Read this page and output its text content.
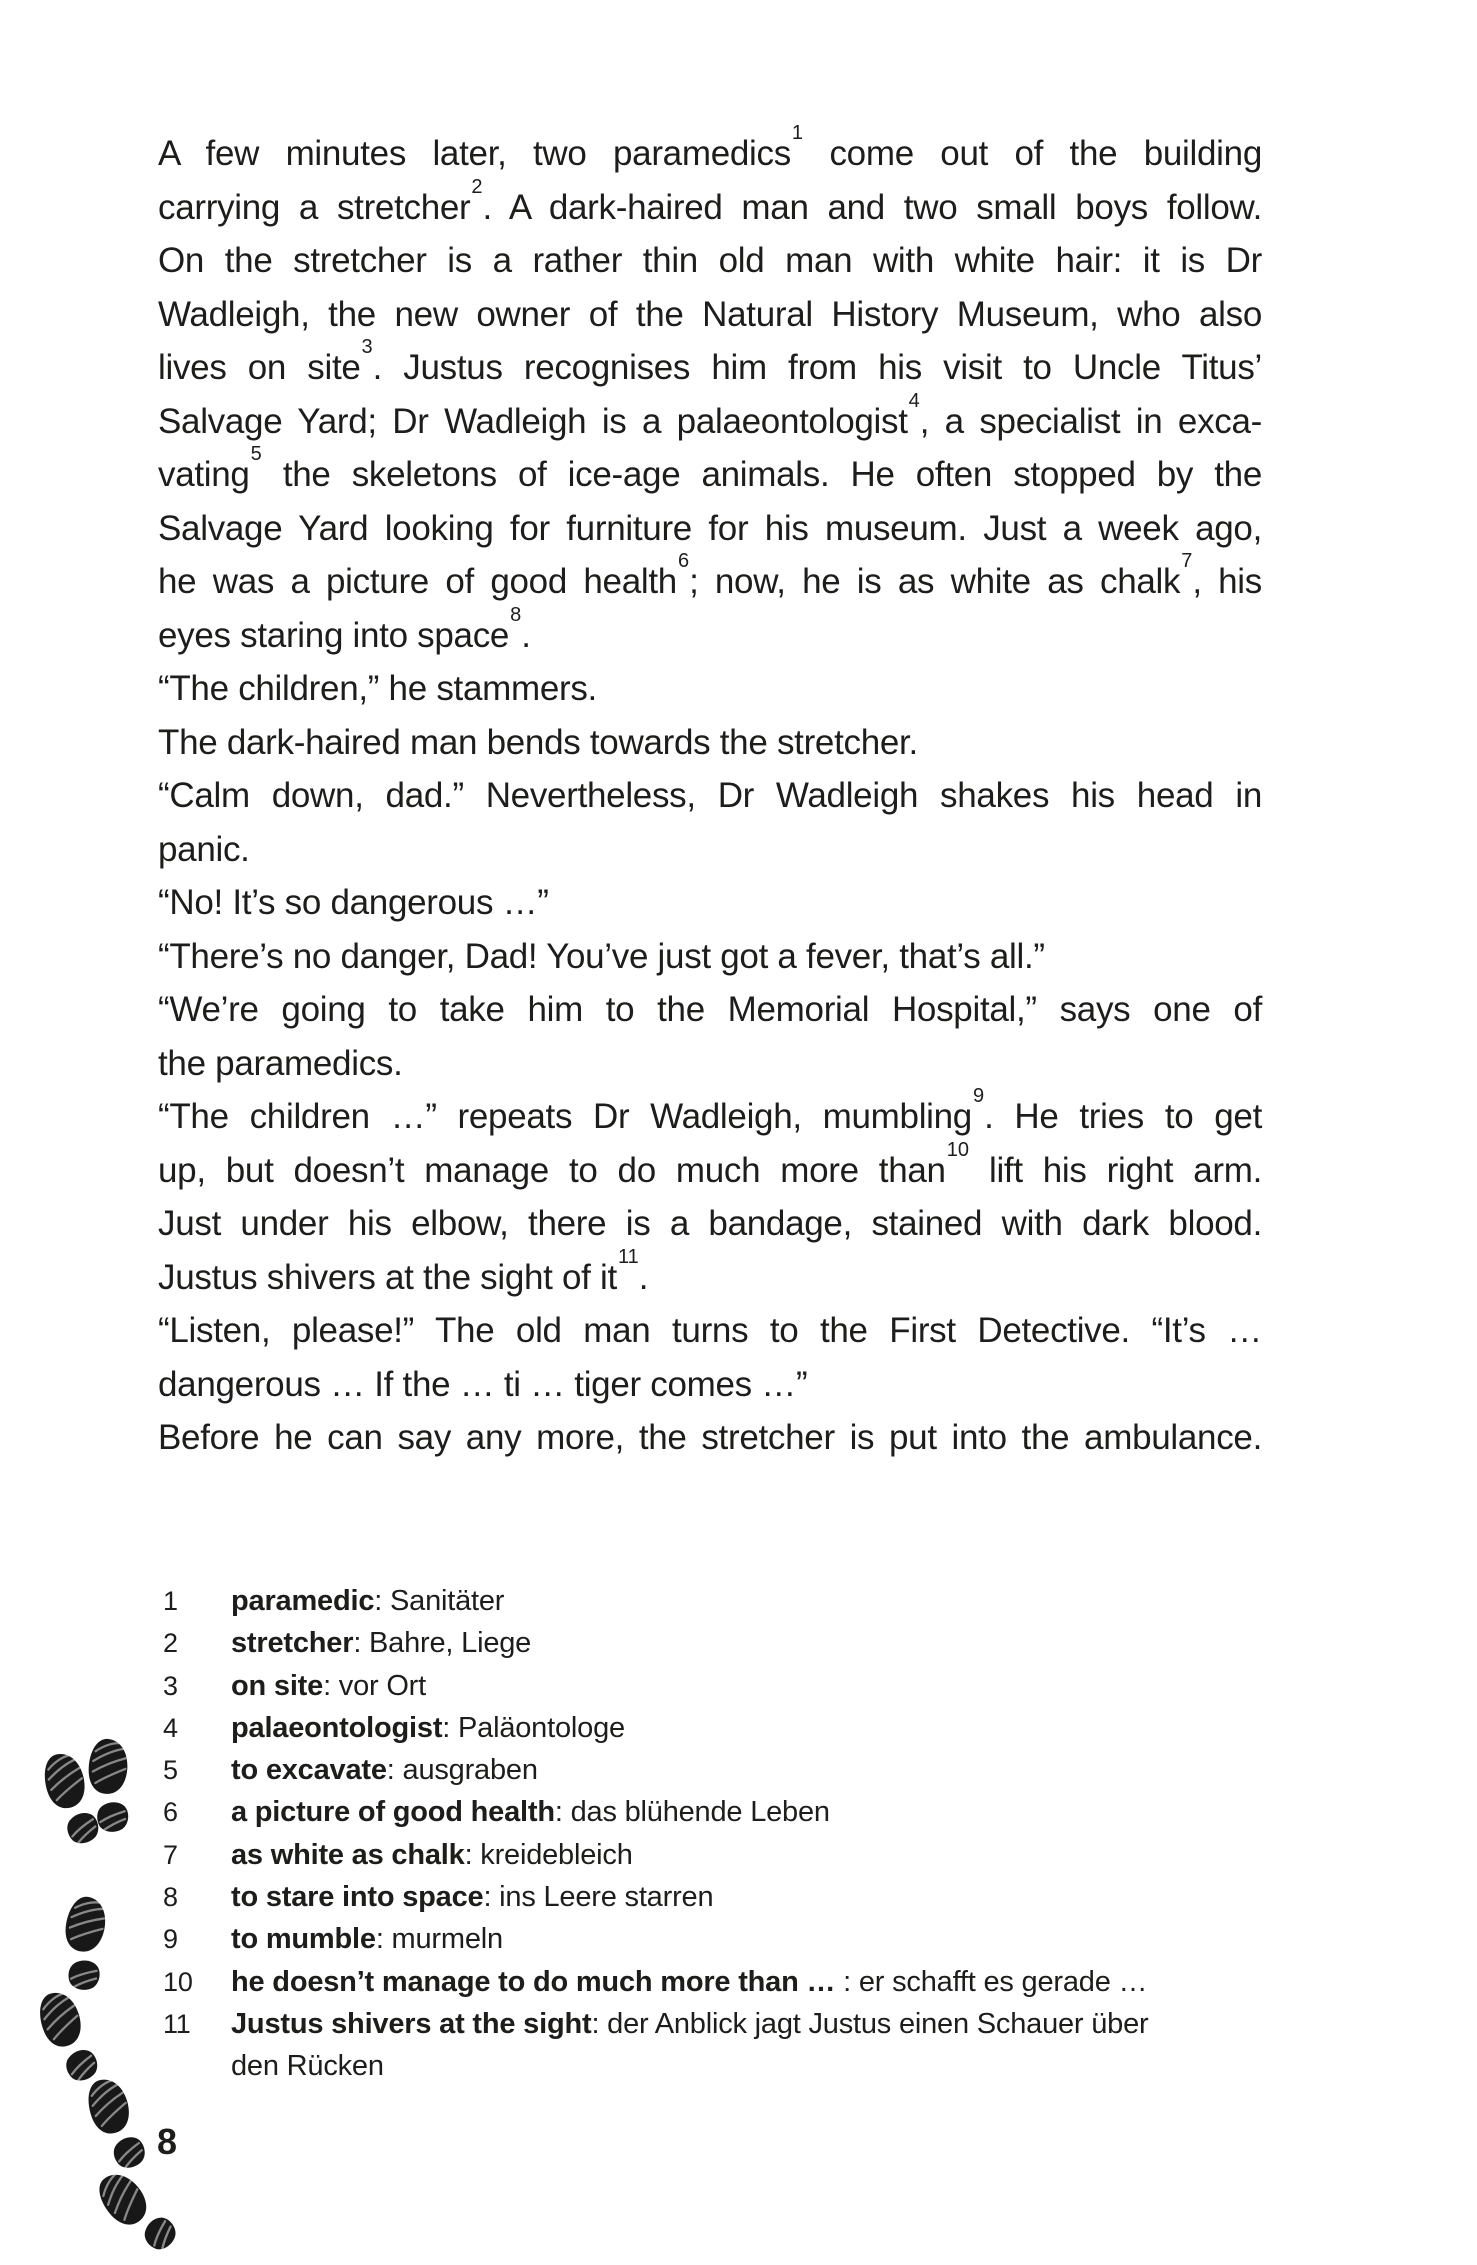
A few minutes later, two paramedics$^1$ come out of the building
carrying a stretcher$^2$. A dark-haired man and two small boys follow.
On the stretcher is a rather thin old man with white hair: it is Dr
Wadleigh, the new owner of the Natural History Museum, who also
lives on site$^3$. Justus recognises him from his visit to Uncle Titus’
Salvage Yard; Dr Wadleigh is a palaeontologist$^4$, a specialist in exca-
vating$^5$ the skeletons of ice-age animals. He often stopped by the
Salvage Yard looking for furniture for his museum. Just a week ago,
he was a picture of good health$^6$; now, he is as white as chalk$^7$, his
eyes staring into space$^8$.
“The children,” he stammers.
The dark-haired man bends towards the stretcher.
“Calm down, dad.” Nevertheless, Dr Wadleigh shakes his head in
panic.
“No! It’s so dangerous …”
“There’s no danger, Dad! You’ve just got a fever, that’s all.”
“We’re going to take him to the Memorial Hospital,” says one of
the paramedics.
“The children …” repeats Dr Wadleigh, mumbling$^9$. He tries to get
up, but doesn’t manage to do much more than$^{10}$ lift his right arm.
Just under his elbow, there is a bandage, stained with dark blood.
Justus shivers at the sight of it$^{11}$.
“Listen, please!” The old man turns to the First Detective. “It’s …
dangerous … If the … ti … tiger comes …”
Before he can say any more, the stretcher is put into the ambulance.
1 paramedic: Sanitäter
2 stretcher: Bahre, Liege
3 on site: vor Ort
4 palaeontologist: Paläontologe
5 to excavate: ausgraben
6 a picture of good health: das blühende Leben
7 as white as chalk: kreidebleich
8 to stare into space: ins Leere starren
9 to mumble: murmeln
10 he doesn’t manage to do much more than … : er schafft es gerade …
11 Justus shivers at the sight: der Anblick jagt Justus einen Schauer über
den Rücken
8
